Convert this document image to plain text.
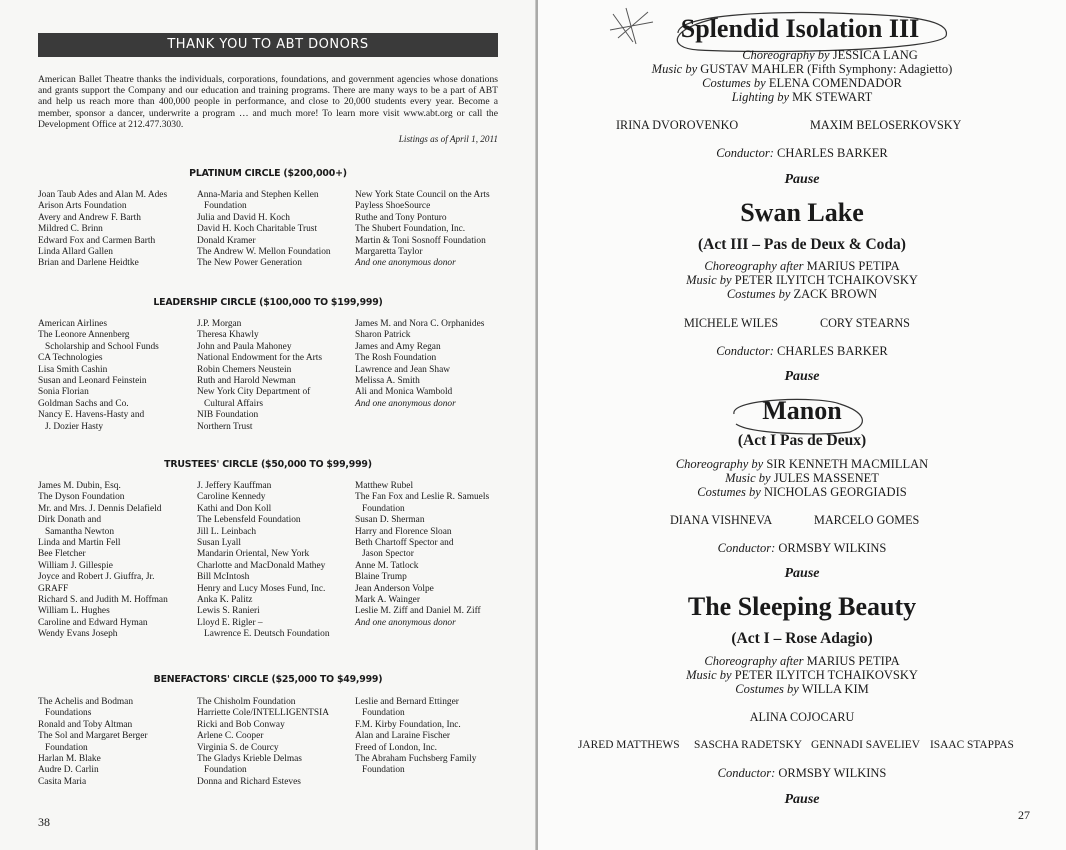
THANK YOU TO ABT DONORS
American Ballet Theatre thanks the individuals, corporations, foundations, and government agencies whose donations and grants support the Company and our education and training programs. There are many ways to be a part of ABT and help us reach more than 400,000 people in performance, and close to 20,000 students every year. Become a member, sponsor a dancer, underwrite a program … and much more! To learn more visit www.abt.org or call the Development Office at 212.477.3030.
Listings as of April 1, 2011
PLATINUM CIRCLE ($200,000+)
Joan Taub Ades and Alan M. Ades
Arison Arts Foundation
Avery and Andrew F. Barth
Mildred C. Brinn
Edward Fox and Carmen Barth
Linda Allard Gallen
Brian and Darlene Heidtke
Anna-Maria and Stephen Kellen
Foundation
Julia and David H. Koch
David H. Koch Charitable Trust
Donald Kramer
The Andrew W. Mellon Foundation
The New Power Generation
New York State Council on the Arts
Payless ShoeSource
Ruthe and Tony Ponturo
The Shubert Foundation, Inc.
Martin & Toni Sosnoff Foundation
Margaretta Taylor
And one anonymous donor
LEADERSHIP CIRCLE ($100,000 TO $199,999)
American Airlines
The Leonore Annenberg
Scholarship and School Funds
CA Technologies
Lisa Smith Cashin
Susan and Leonard Feinstein
Sonia Florian
Goldman Sachs and Co.
Nancy E. Havens-Hasty and
J. Dozier Hasty
J.P. Morgan
Theresa Khawly
John and Paula Mahoney
National Endowment for the Arts
Robin Chemers Neustein
Ruth and Harold Newman
New York City Department of
Cultural Affairs
NIB Foundation
Northern Trust
James M. and Nora C. Orphanides
Sharon Patrick
James and Amy Regan
The Rosh Foundation
Lawrence and Jean Shaw
Melissa A. Smith
Ali and Monica Wambold
And one anonymous donor
TRUSTEES' CIRCLE ($50,000 TO $99,999)
James M. Dubin, Esq.
The Dyson Foundation
Mr. and Mrs. J. Dennis Delafield
Dirk Donath and
Samantha Newton
Linda and Martin Fell
Bee Fletcher
William J. Gillespie
Joyce and Robert J. Giuffra, Jr.
GRAFF
Richard S. and Judith M. Hoffman
William L. Hughes
Caroline and Edward Hyman
Wendy Evans Joseph
J. Jeffery Kauffman
Caroline Kennedy
Kathi and Don Koll
The Lebensfeld Foundation
Jill L. Leinbach
Susan Lyall
Mandarin Oriental, New York
Charlotte and MacDonald Mathey
Bill McIntosh
Henry and Lucy Moses Fund, Inc.
Anka K. Palitz
Lewis S. Ranieri
Lloyd E. Rigler –
Lawrence E. Deutsch Foundation
Matthew Rubel
The Fan Fox and Leslie R. Samuels
Foundation
Susan D. Sherman
Harry and Florence Sloan
Beth Chartoff Spector and
Jason Spector
Anne M. Tatlock
Blaine Trump
Jean Anderson Volpe
Mark A. Wainger
Leslie M. Ziff and Daniel M. Ziff
And one anonymous donor
BENEFACTORS' CIRCLE ($25,000 TO $49,999)
The Achelis and Bodman
Foundations
Ronald and Toby Altman
The Sol and Margaret Berger
Foundation
Harlan M. Blake
Audre D. Carlin
Casita Maria
The Chisholm Foundation
Harriette Cole/INTELLIGENTSIA
Ricki and Bob Conway
Arlene C. Cooper
Virginia S. de Courcy
The Gladys Krieble Delmas
Foundation
Donna and Richard Esteves
Leslie and Bernard Ettinger
Foundation
F.M. Kirby Foundation, Inc.
Alan and Laraine Fischer
Freed of London, Inc.
The Abraham Fuchsberg Family
Foundation
38
Splendid Isolation III
Choreography by JESSICA LANG
Music by GUSTAV MAHLER (Fifth Symphony: Adagietto)
Costumes by ELENA COMENDADOR
Lighting by MK STEWART
IRINA DVOROVENKO	MAXIM BELOSERKOVSKY
Conductor: CHARLES BARKER
Pause
Swan Lake
(Act III – Pas de Deux & Coda)
Choreography after MARIUS PETIPA
Music by PETER ILYITCH TCHAIKOVSKY
Costumes by ZACK BROWN
MICHELE WILES	CORY STEARNS
Conductor: CHARLES BARKER
Pause
Manon
(Act I Pas de Deux)
Choreography by SIR KENNETH MACMILLAN
Music by JULES MASSENET
Costumes by NICHOLAS GEORGIADIS
DIANA VISHNEVA	MARCELO GOMES
Conductor: ORMSBY WILKINS
Pause
The Sleeping Beauty
(Act I – Rose Adagio)
Choreography after MARIUS PETIPA
Music by PETER ILYITCH TCHAIKOVSKY
Costumes by WILLA KIM
ALINA COJOCARU
JARED MATTHEWS SASCHA RADETSKY GENNADI SAVELIEV ISAAC STAPPAS
Conductor: ORMSBY WILKINS
Pause
27
